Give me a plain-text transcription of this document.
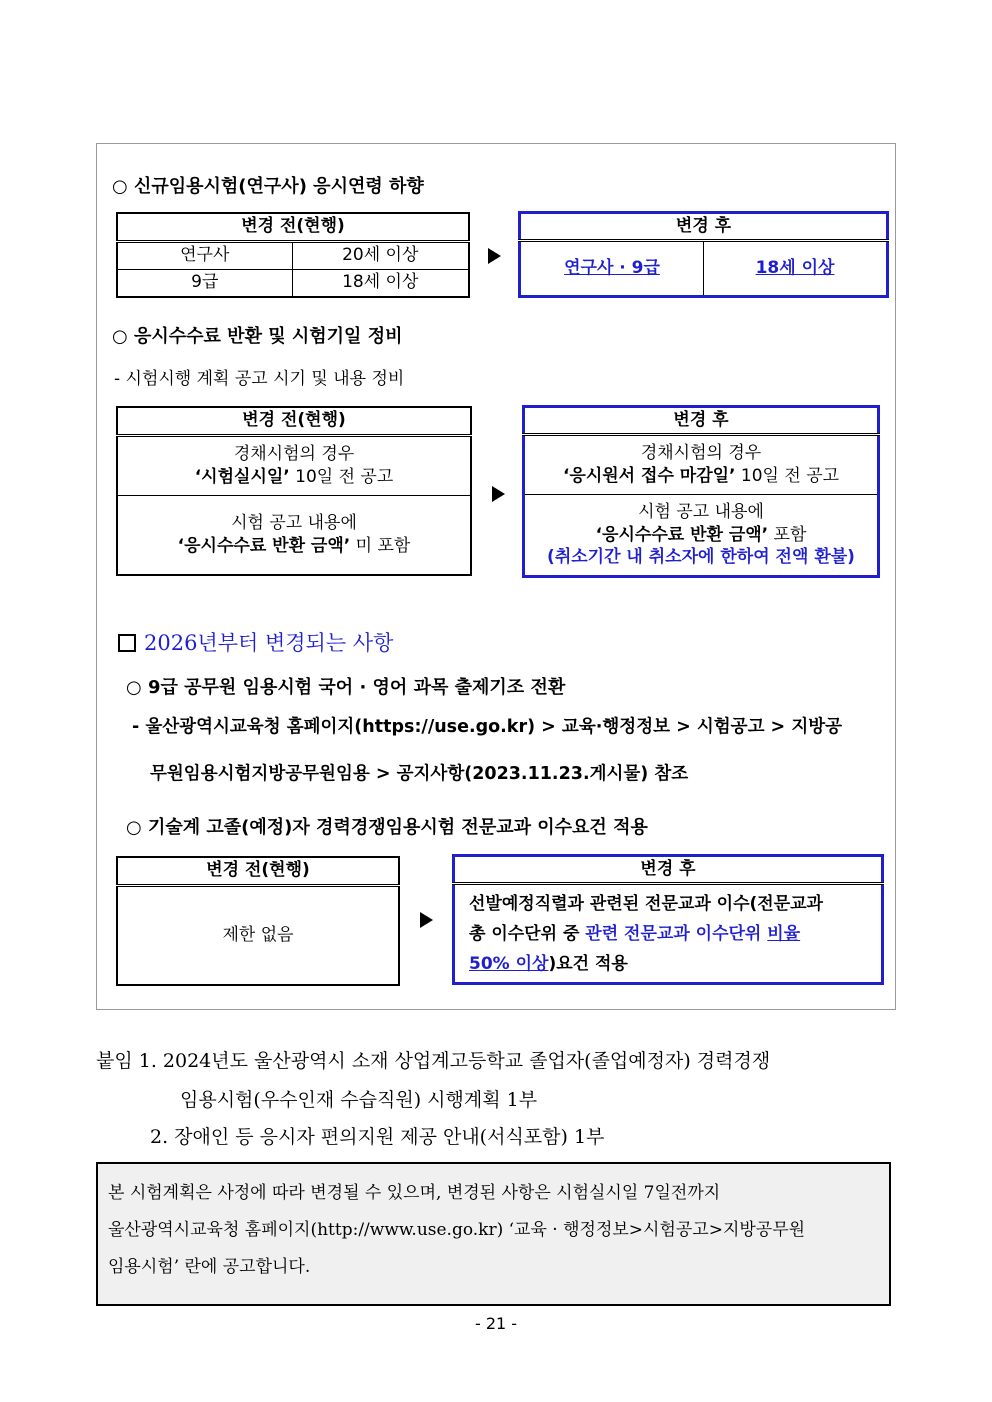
○ 신규임용시험(연구사) 응시연령 하향
변경 전(현행)	
연구사	20세 이상
9급	18세 이상
변경 후
연구사 · 9급	18세 이상
○ 응시수수료 반환 및 시험기일 정비
- 시험시행 계획 공고 시기 및 내용 정비
변경 전(현행)

경채시험의 경우
‘시험실시일’ 10일 전 공고

시험 공고 내용에
‘응시수수료 반환 금액’ 미 포함
변경 후

경채시험의 경우
‘응시원서 접수 마감일’ 10일 전 공고

시험 공고 내용에
‘응시수수료 반환 금액’ 포함
(취소기간 내 취소자에 한하여 전액 환불)
2026년부터 변경되는 사항
○ 9급 공무원 임용시험 국어 · 영어 과목 출제기조 전환
- 울산광역시교육청 홈페이지(https://use.go.kr) > 교육·행정정보 > 시험공고 > 지방공
무원임용시험지방공무원임용 > 공지사항(2023.11.23.게시물) 참조
○ 기술계 고졸(예정)자 경력경쟁임용시험 전문교과 이수요건 적용
변경 전(현행)
제한 없음
변경 후

선발예정직렬과 관련된 전문교과 이수(전문교과
총 이수단위 중 관련 전문교과 이수단위 비율
50% 이상)요건 적용
붙임 1. 2024년도 울산광역시 소재 상업계고등학교 졸업자(졸업예정자) 경력경쟁
임용시험(우수인재 수습직원) 시행계획 1부
2. 장애인 등 응시자 편의지원 제공 안내(서식포함) 1부
본 시험계획은 사정에 따라 변경될 수 있으며, 변경된 사항은 시험실시일 7일전까지
울산광역시교육청 홈페이지(http://www.use.go.kr) ‘교육 · 행정정보>시험공고>지방공무원
임용시험’ 란에 공고합니다.
- 21 -
